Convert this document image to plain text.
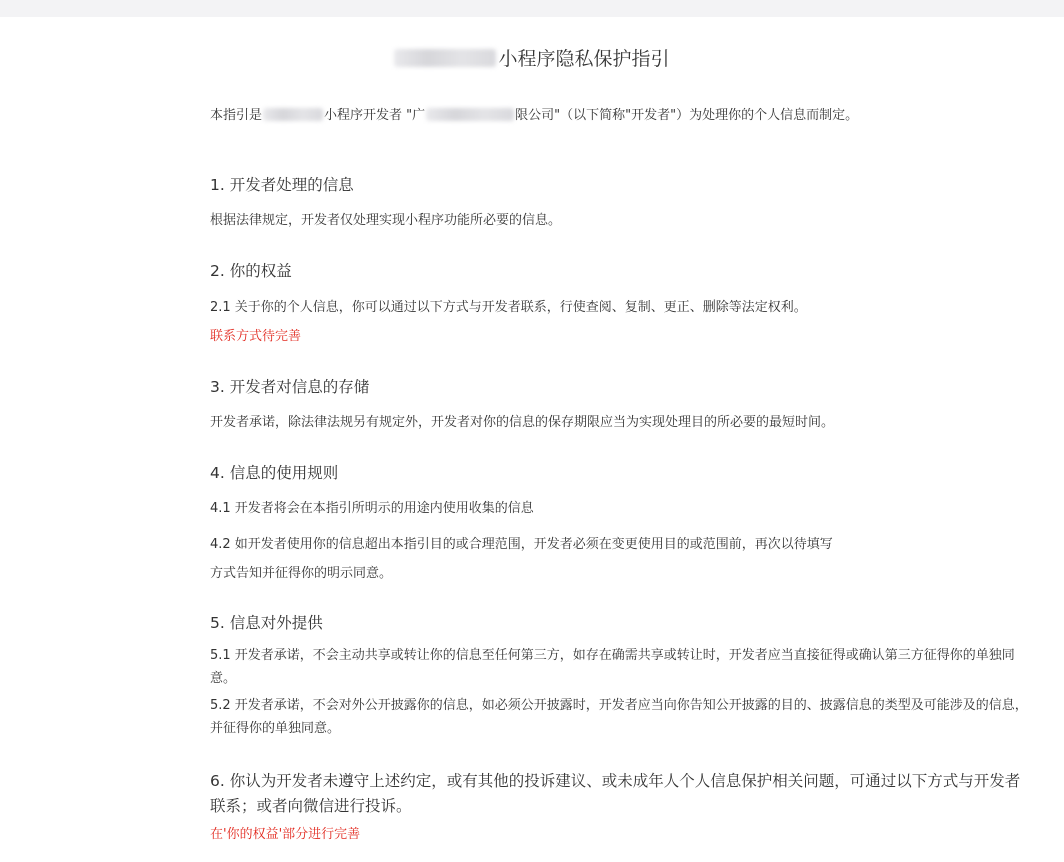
小程序隐私保护指引
本指引是	小程序开发者 "广	限公司"（以下简称"开发者"）为处理你的个人信息而制定。
1. 开发者处理的信息
根据法律规定，开发者仅处理实现小程序功能所必要的信息。
2. 你的权益
2.1 关于你的个人信息，你可以通过以下方式与开发者联系，行使查阅、复制、更正、删除等法定权利。
联系方式待完善
3. 开发者对信息的存储
开发者承诺，除法律法规另有规定外，开发者对你的信息的保存期限应当为实现处理目的所必要的最短时间。
4. 信息的使用规则
4.1 开发者将会在本指引所明示的用途内使用收集的信息
4.2 如开发者使用你的信息超出本指引目的或合理范围，开发者必须在变更使用目的或范围前，再次以待填写
方式告知并征得你的明示同意。
5. 信息对外提供
5.1 开发者承诺，不会主动共享或转让你的信息至任何第三方，如存在确需共享或转让时，开发者应当直接征得或确认第三方征得你的单独同意。
5.2 开发者承诺，不会对外公开披露你的信息，如必须公开披露时，开发者应当向你告知公开披露的目的、披露信息的类型及可能涉及的信息，并征得你的单独同意。
6. 你认为开发者未遵守上述约定，或有其他的投诉建议、或未成年人个人信息保护相关问题，可通过以下方式与开发者联系；或者向微信进行投诉。
在'你的权益'部分进行完善
